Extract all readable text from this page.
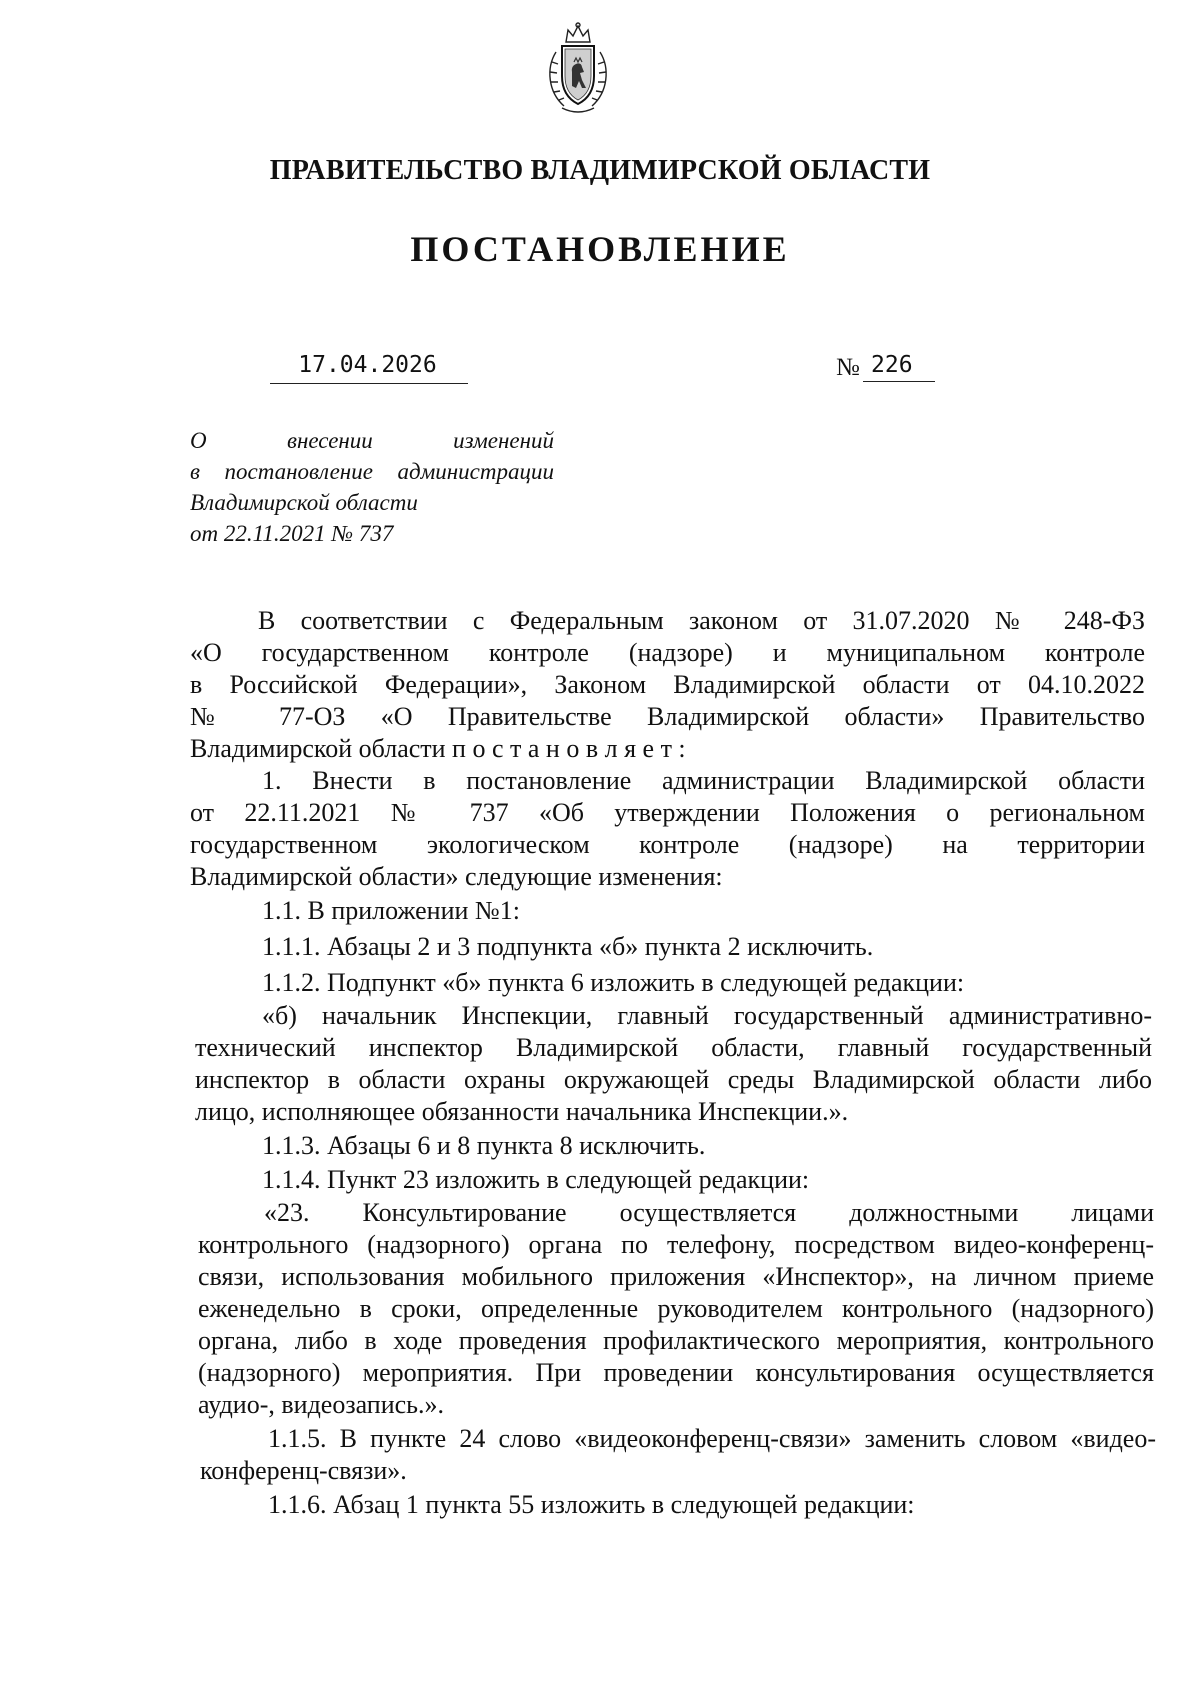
ПРАВИТЕЛЬСТВО ВЛАДИМИРСКОЙ ОБЛАСТИ
ПОСТАНОВЛЕНИЕ
17.04.2026	№ 226
О внесении изменений
в постановление администрации
Владимирской области
от 22.11.2021 № 737
В соответствии с Федеральным законом от 31.07.2020 № 248-ФЗ
«О государственном контроле (надзоре) и муниципальном контроле
в Российской Федерации», Законом Владимирской области от 04.10.2022
№ 77-ОЗ «О Правительстве Владимирской области» Правительство
Владимирской области п о с т а н о в л я е т :
1. Внести в постановление администрации Владимирской области
от 22.11.2021 № 737 «Об утверждении Положения о региональном
государственном экологическом контроле (надзоре) на территории
Владимирской области» следующие изменения:
1.1. В приложении №1:
1.1.1. Абзацы 2 и 3 подпункта «б» пункта 2 исключить.
1.1.2. Подпункт «б» пункта 6 изложить в следующей редакции:
«б) начальник Инспекции, главный государственный административно-
технический инспектор Владимирской области, главный государственный
инспектор в области охраны окружающей среды Владимирской области либо
лицо, исполняющее обязанности начальника Инспекции.».
1.1.3. Абзацы 6 и 8 пункта 8 исключить.
1.1.4. Пункт 23 изложить в следующей редакции:
«23. Консультирование осуществляется должностными лицами
контрольного (надзорного) органа по телефону, посредством видео-конференц-
связи, использования мобильного приложения «Инспектор», на личном приеме
еженедельно в сроки, определенные руководителем контрольного (надзорного)
органа, либо в ходе проведения профилактического мероприятия, контрольного
(надзорного) мероприятия. При проведении консультирования осуществляется
аудио-, видеозапись.».
1.1.5. В пункте 24 слово «видеоконференц-связи» заменить словом «видео-
конференц-связи».
1.1.6. Абзац 1 пункта 55 изложить в следующей редакции:
